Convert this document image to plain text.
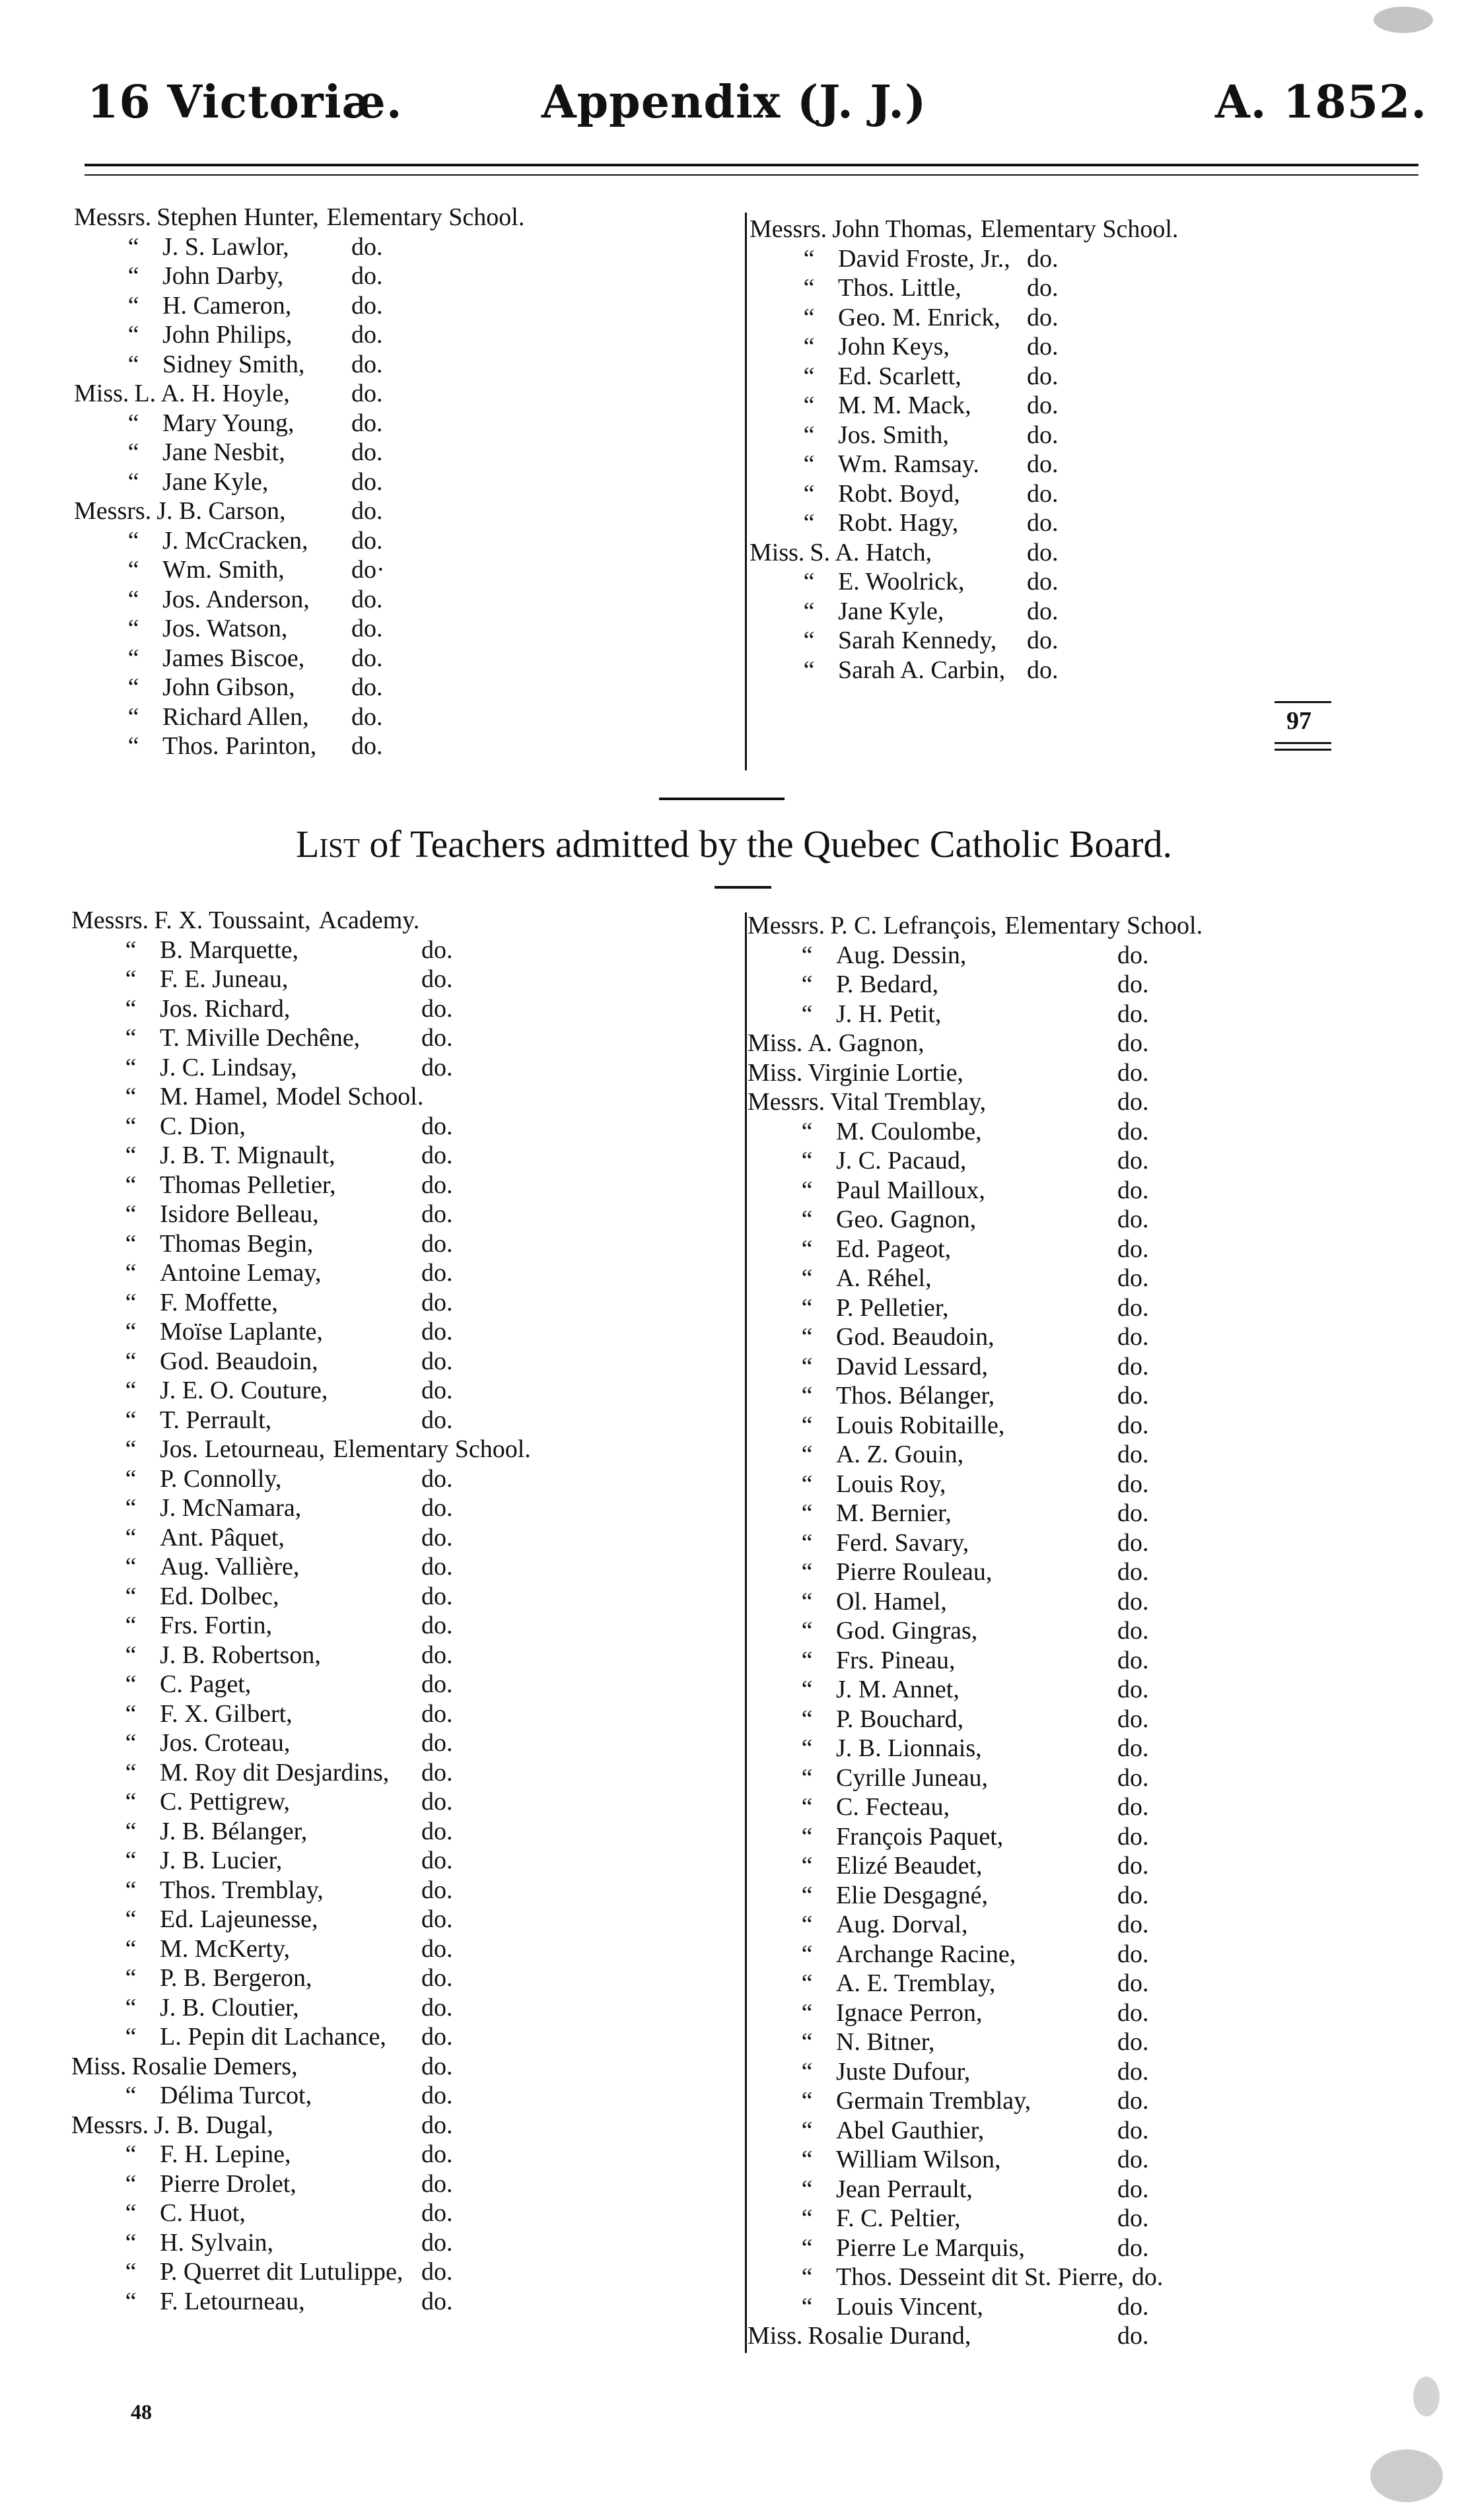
16 Victoriæ.	Appendix (J. J.)	A. 1852.
Messrs. Stephen Hunter, Elementary School.
“ J. S. Lawlor, do.
“ John Darby,	do.
“ H. Cameron, do.
“ John Philips, do.
“ Sidney Smith, do.
Miss. L. A. H. Hoyle, do.
“ Mary Young, do.
“ Jane Nesbit,	do.
“ Jane Kyle,	do.
Messrs. J. B. Carson,	do.
“ J. McCracken, do.
“ Wm. Smith,	do·
“ Jos. Anderson, do.
“ Jos. Watson,	do.
“ James Biscoe, do.
“ John Gibson, do.
“ Richard Allen, do.
“ Thos. Parinton, do.
Messrs. John Thomas, Elementary School.
“ David Froste, Jr., do.
“ Thos. Little,	do.
“ Geo. M. Enrick, do.
“ John Keys,	do.
“ Ed. Scarlett,	do.
“ M. M. Mack, do.
“ Jos. Smith,	do.
“ Wm. Ramsay. do.
“ Robt. Boyd,	do.
“ Robt. Hagy,	do.
Miss. S. A. Hatch,	do.
“ E. Woolrick, do.
“ Jane Kyle,	do.
“ Sarah Kennedy, do.
“ Sarah A. Carbin, do.
97
List of Teachers admitted by the Quebec Catholic Board.
Messrs. F. X. Toussaint, Academy.
“ B. Marquette,	do.
“ F. E. Juneau,	do.
“ Jos. Richard,	do.
“ T. Miville Dechêne, do.
“ J. C. Lindsay,	do.
“ M. Hamel, Model School.
“ C. Dion,	do.
“ J. B. T. Mignault,	do.
“ Thomas Pelletier,	do.
“ Isidore Belleau,	do.
“ Thomas Begin,	do.
“ Antoine Lemay,	do.
“ F. Moffette,	do.
“ Moïse Laplante,	do.
“ God. Beaudoin,	do.
“ J. E. O. Couture,	do.
“ T. Perrault,	do.
“ Jos. Letourneau, Elementary School.
“ P. Connolly,	do.
“ J. McNamara,	do.
“ Ant. Pâquet,	do.
“ Aug. Vallière,	do.
“ Ed. Dolbec,	do.
“ Frs. Fortin,	do.
“ J. B. Robertson,	do.
“ C. Paget,	do.
“ F. X. Gilbert,	do.
“ Jos. Croteau,	do.
“ M. Roy dit Desjardins, do.
“ C. Pettigrew,	do.
“ J. B. Bélanger,	do.
“ J. B. Lucier,	do.
“ Thos. Tremblay,	do.
“ Ed. Lajeunesse,	do.
“ M. McKerty,	do.
“ P. B. Bergeron,	do.
“ J. B. Cloutier,	do.
“ L. Pepin dit Lachance, do.
Miss. Rosalie Demers,	do.
“ Délima Turcot,	do.
Messrs. J. B. Dugal,	do.
“ F. H. Lepine,	do.
“ Pierre Drolet,	do.
“ C. Huot,	do.
“ H. Sylvain,	do.
“ P. Querret dit Lutulippe, do.
“ F. Letourneau,	do.
Messrs. P. C. Lefrançois, Elementary School.
“ Aug. Dessin,	do.
“ P. Bedard,	do.
“ J. H. Petit,	do.
Miss. A. Gagnon,	do.
Miss. Virginie Lortie,	do.
Messrs. Vital Tremblay,	do.
“ M. Coulombe,	do.
“ J. C. Pacaud,	do.
“ Paul Mailloux,	do.
“ Geo. Gagnon,	do.
“ Ed. Pageot,	do.
“ A. Réhel,	do.
“ P. Pelletier,	do.
“ God. Beaudoin,	do.
“ David Lessard,	do.
“ Thos. Bélanger,	do.
“ Louis Robitaille,	do.
“ A. Z. Gouin,	do.
“ Louis Roy,	do.
“ M. Bernier,	do.
“ Ferd. Savary,	do.
“ Pierre Rouleau,	do.
“ Ol. Hamel,	do.
“ God. Gingras,	do.
“ Frs. Pineau,	do.
“ J. M. Annet,	do.
“ P. Bouchard,	do.
“ J. B. Lionnais,	do.
“ Cyrille Juneau,	do.
“ C. Fecteau,	do.
“ François Paquet,	do.
“ Elizé Beaudet,	do.
“ Elie Desgagné,	do.
“ Aug. Dorval,	do.
“ Archange Racine,	do.
“ A. E. Tremblay,	do.
“ Ignace Perron,	do.
“ N. Bitner,	do.
“ Juste Dufour,	do.
“ Germain Tremblay,	do.
“ Abel Gauthier,	do.
“ William Wilson,	do.
“ Jean Perrault,	do.
“ F. C. Peltier,	do.
“ Pierre Le Marquis,	do.
“ Thos. Desseint dit St. Pierre, do.
“ Louis Vincent,	do.
Miss. Rosalie Durand,	do.
48
